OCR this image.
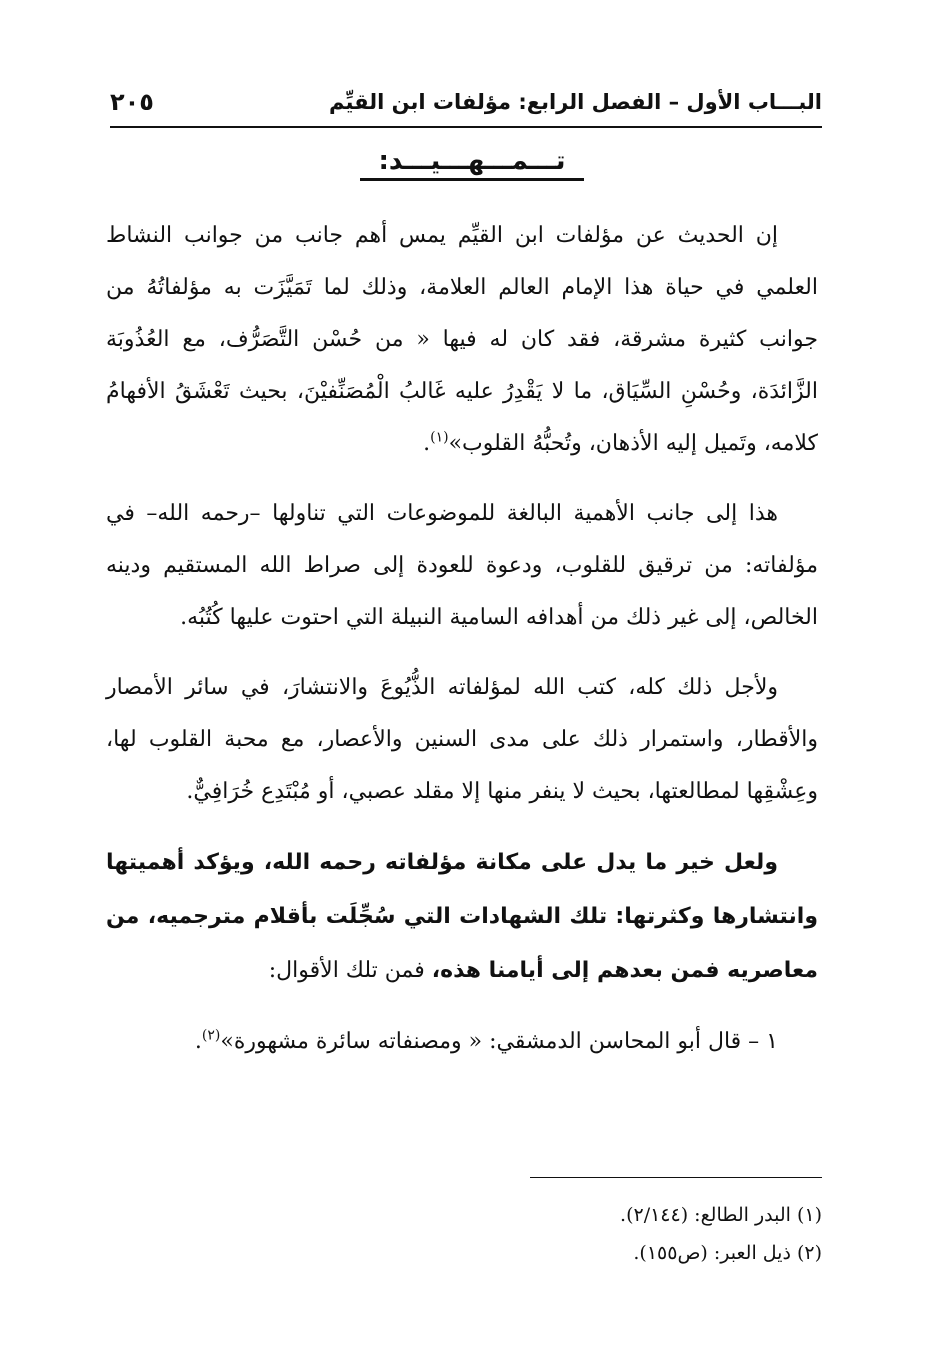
البـــاب الأول – الفصل الرابع: مؤلفات ابن القيِّم
٢٠٥
تـــمـــهـــيـــد:

إن الحديث عن مؤلفات ابن القيِّم يمس أهم جانب من جوانب النشاط العلمي في حياة هذا الإمام العالم العلامة، وذلك لما تَمَيَّزَت به مؤلفاتُهُ من جوانب كثيرة مشرقة، فقد كان له فيها « من حُسْن التَّصَرُّف، مع العُذُوبَة الزَّائدَة، وحُسْنِ السِّيَاق، ما لا يَقْدِرُ عليه غَالبُ الْمُصَنِّفيْنَ، بحيث تَعْشَقُ الأفهامُ كلامه، وتَميل إليه الأذهان، وتُحبُّهُ القلوب»$^{(١)}$.

هذا إلى جانب الأهمية البالغة للموضوعات التي تناولها –رحمه الله– في مؤلفاته: من ترقيق للقلوب، ودعوة للعودة إلى صراط الله المستقيم ودينه الخالص، إلى غير ذلك من أهدافه السامية النبيلة التي احتوت عليها كُتُبُه.

ولأجل ذلك كله، كتب الله لمؤلفاته الذُّيُوعَ والانتشارَ، في سائر الأمصار والأقطار، واستمرار ذلك على مدى السنين والأعصار، مع محبة القلوب لها، وعِشْقِها لمطالعتها، بحيث لا ينفر منها إلا مقلد عصبي، أو مُبْتَدِع خُرَافِيٌّ.

ولعل خير ما يدل على مكانة مؤلفاته رحمه الله، ويؤكد أهميتها وانتشارها وكثرتها: تلك الشهادات التي سُجِّلَت بأقلام مترجميه، من معاصريه فمن بعدهم إلى أيامنا هذه، فمن تلك الأقوال:

١ – قال أبو المحاسن الدمشقي: « ومصنفاته سائرة مشهورة»$^{(٢)}$.

(١) البدر الطالع: (٢/١٤٤).
(٢) ذيل العبر: (ص١٥٥).
